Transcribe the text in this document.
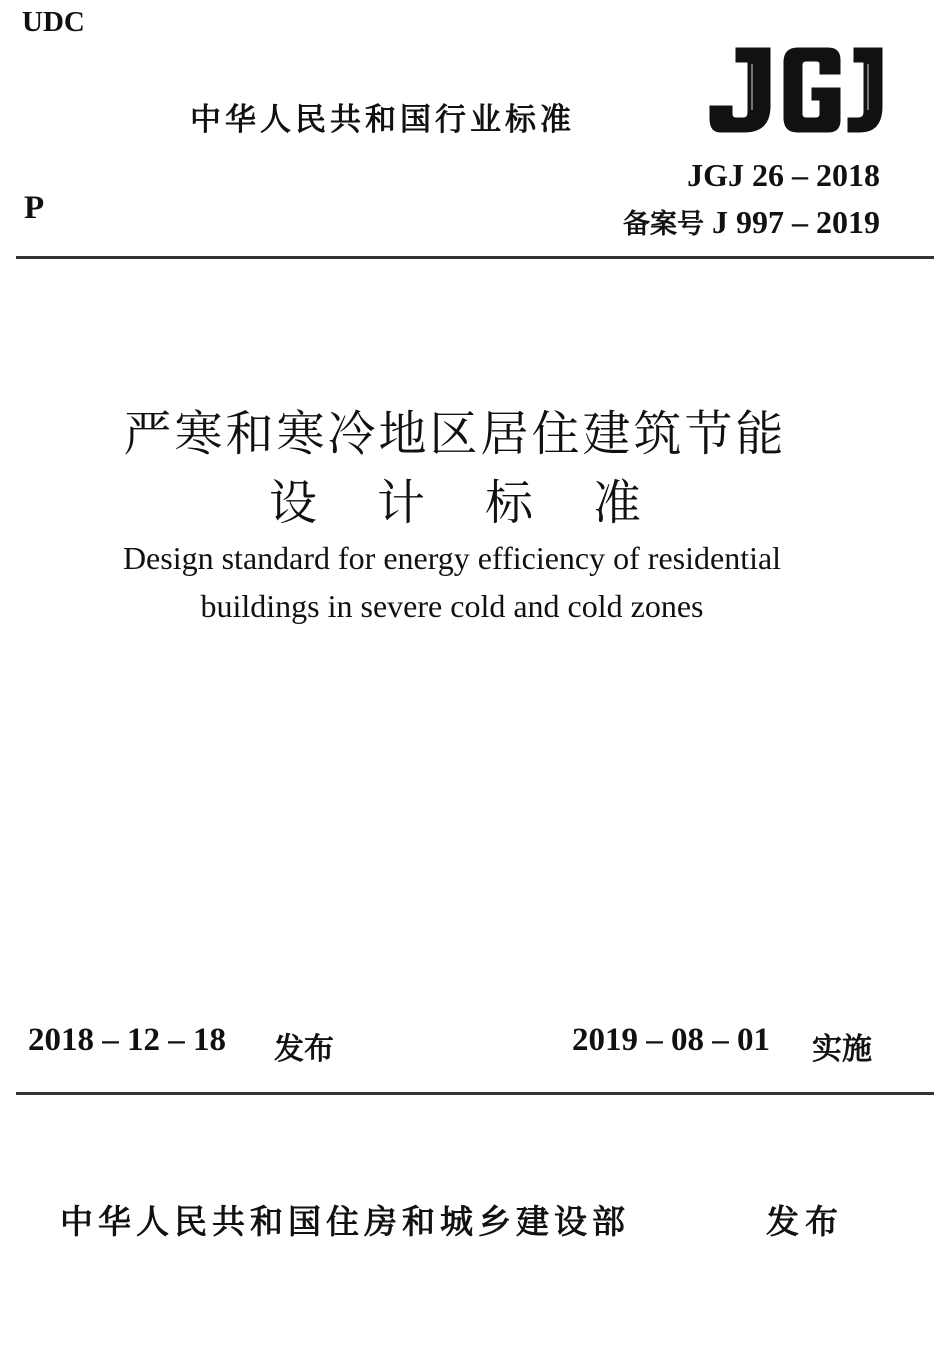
UDC
P
中华人民共和国行业标准
JGJ 26 – 2018
备案号 J 997 – 2019
严寒和寒冷地区居住建筑节能
设计标准
Design standard for energy efficiency of residential
buildings in severe cold and cold zones
2018 – 12 – 18 发布	2019 – 08 – 01 实施
中华人民共和国住房和城乡建设部	发布
